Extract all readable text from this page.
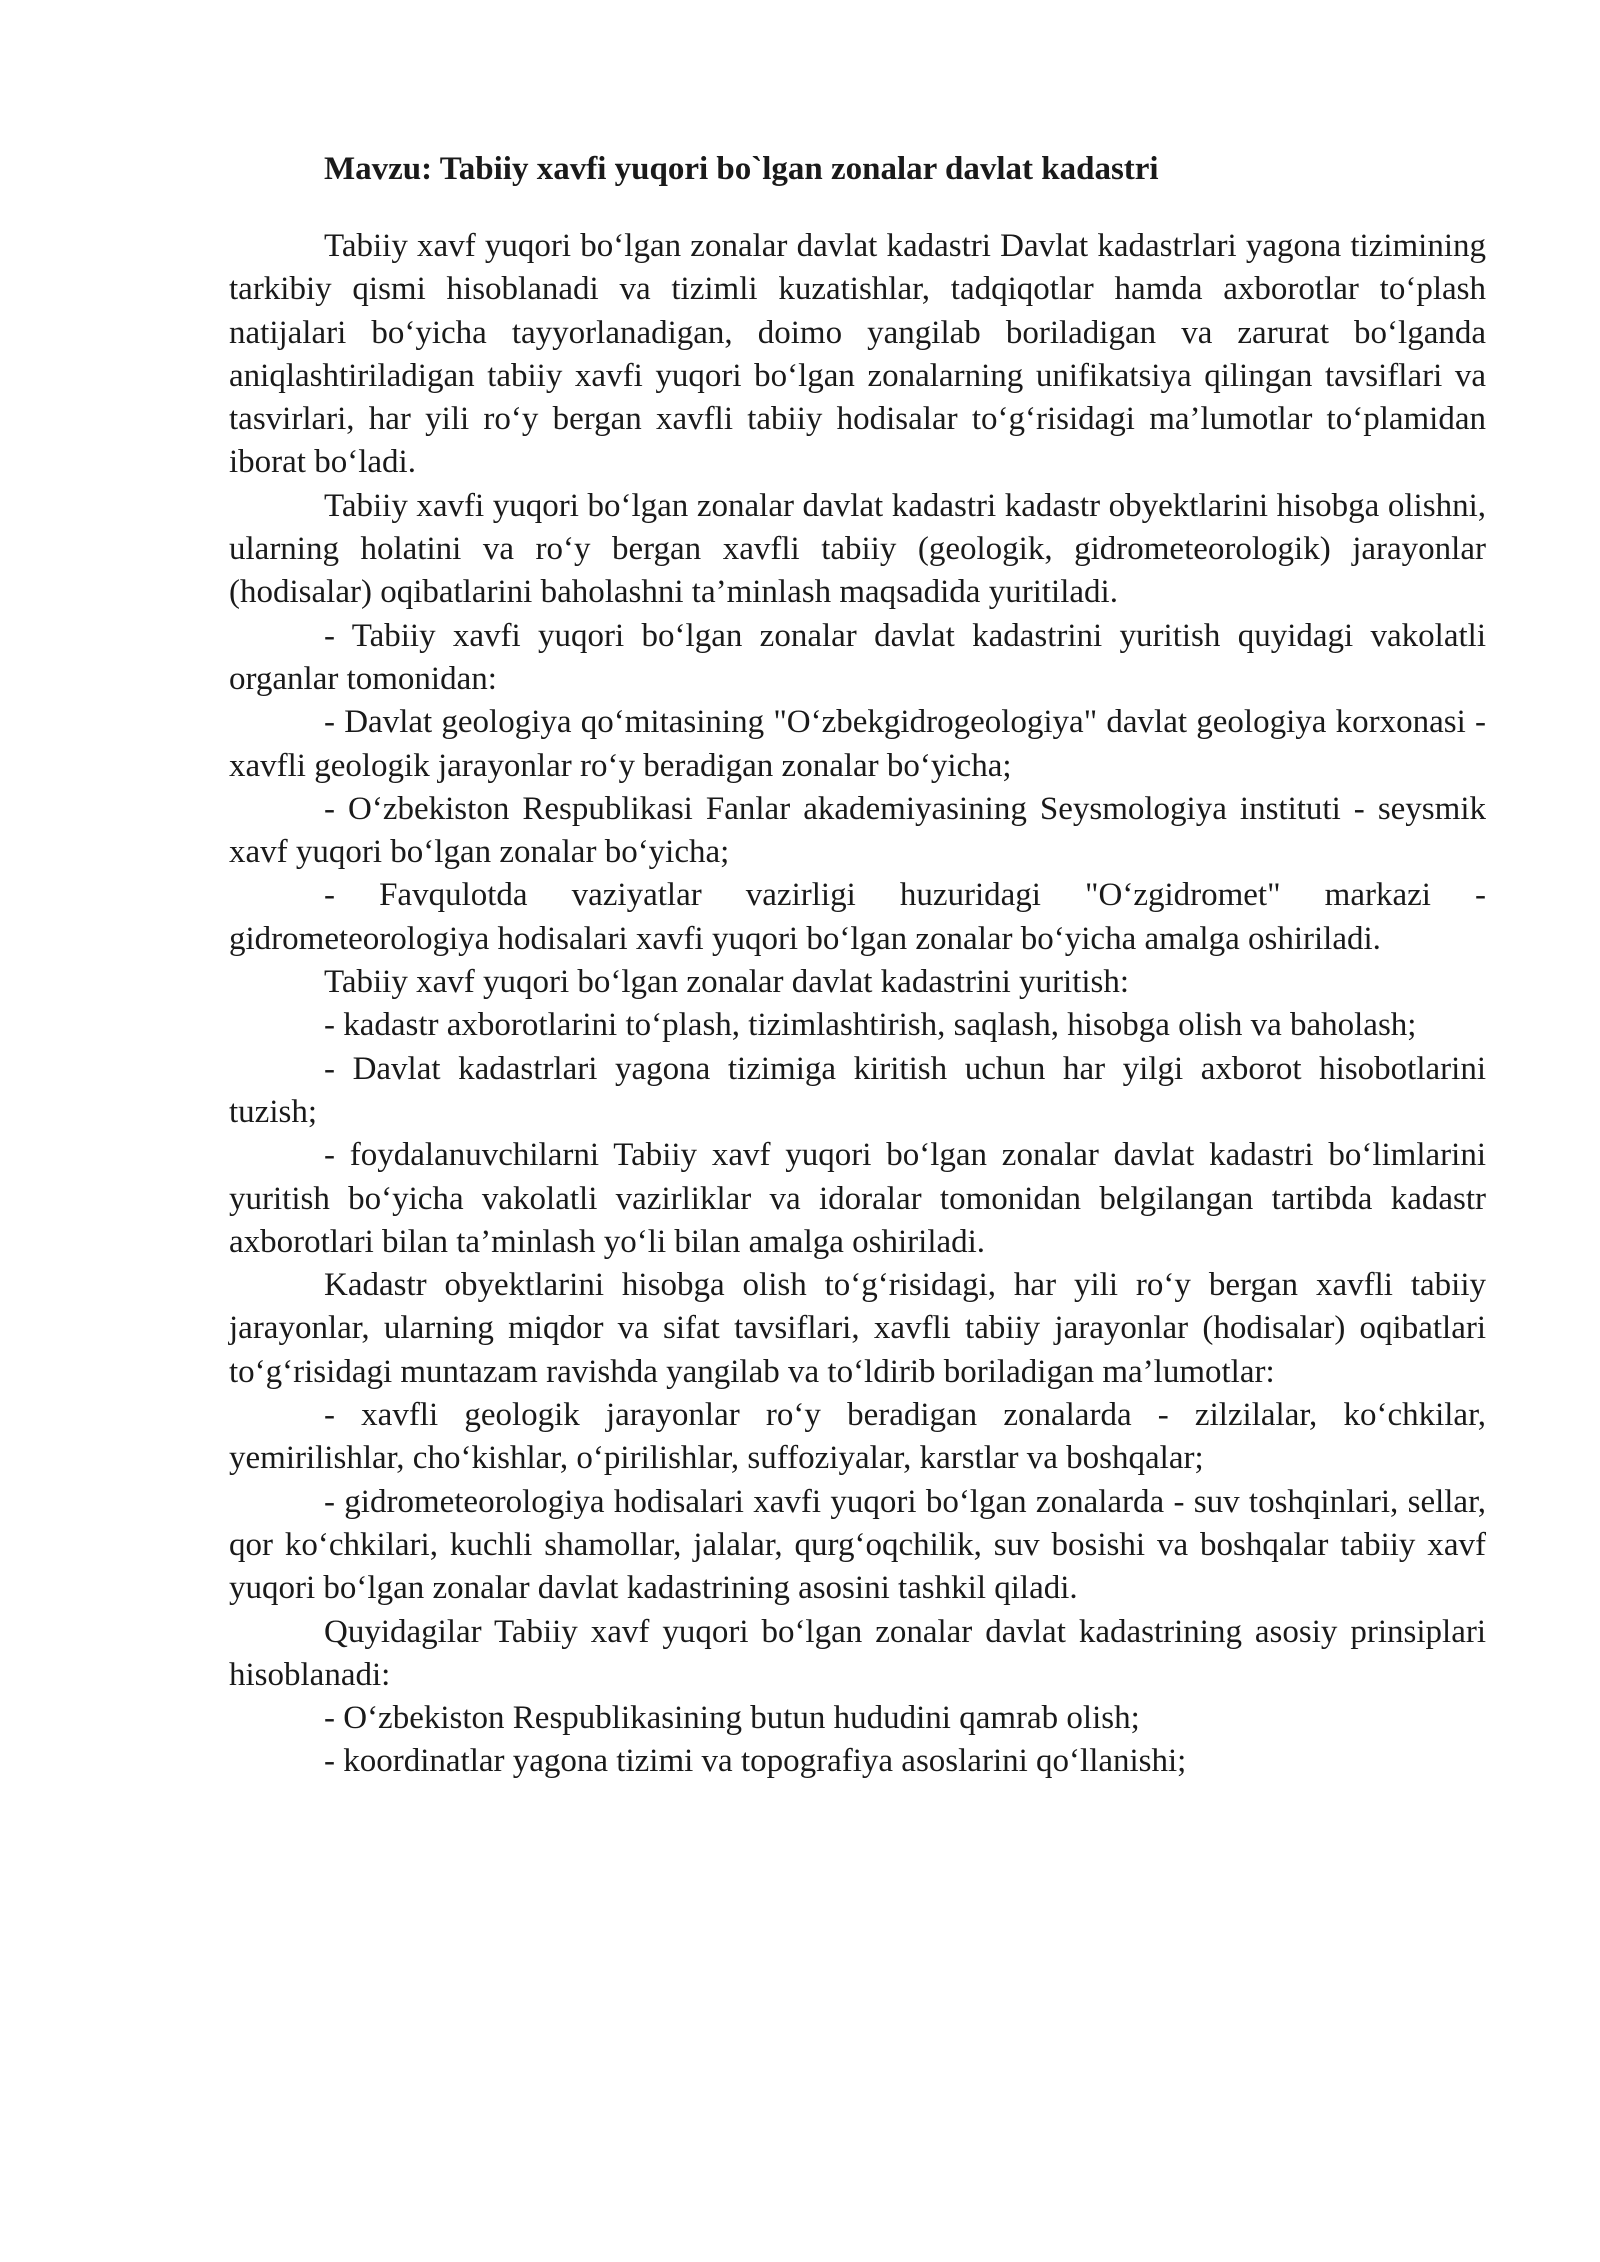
Mavzu: Tabiiy xavfi yuqori bo`lgan zonalar davlat kadastri

Tabiiy xavf yuqori bo‘lgan zonalar davlat kadastri Davlat kadastrlari yagona tizimining tarkibiy qismi hisoblanadi va tizimli kuzatishlar, tadqiqotlar hamda axborotlar to‘plash natijalari bo‘yicha tayyorlanadigan, doimo yangilab boriladigan va zarurat bo‘lganda aniqlashtiriladigan tabiiy xavfi yuqori bo‘lgan zonalarning unifikatsiya qilingan tavsiflari va tasvirlari, har yili ro‘y bergan xavfli tabiiy hodisalar to‘g‘risidagi ma’lumotlar to‘plamidan iborat bo‘ladi.

Tabiiy xavfi yuqori bo‘lgan zonalar davlat kadastri kadastr obyektlarini hisobga olishni, ularning holatini va ro‘y bergan xavfli tabiiy (geologik, gidrometeorologik) jarayonlar (hodisalar) oqibatlarini baholashni ta’minlash maqsadida yuritiladi.

- Tabiiy xavfi yuqori bo‘lgan zonalar davlat kadastrini yuritish quyidagi vakolatli organlar tomonidan:

- Davlat geologiya qo‘mitasining "O‘zbekgidrogeologiya" davlat geologiya korxonasi - xavfli geologik jarayonlar ro‘y beradigan zonalar bo‘yicha;

- O‘zbekiston Respublikasi Fanlar akademiyasining Seysmologiya instituti - seysmik xavf yuqori bo‘lgan zonalar bo‘yicha;

- Favqulotda vaziyatlar vazirligi huzuridagi "O‘zgidromet" markazi - gidrometeorologiya hodisalari xavfi yuqori bo‘lgan zonalar bo‘yicha amalga oshiriladi.

Tabiiy xavf yuqori bo‘lgan zonalar davlat kadastrini yuritish:

- kadastr axborotlarini to‘plash, tizimlashtirish, saqlash, hisobga olish va baholash;

- Davlat kadastrlari yagona tizimiga kiritish uchun har yilgi axborot hisobotlarini tuzish;

- foydalanuvchilarni Tabiiy xavf yuqori bo‘lgan zonalar davlat kadastri bo‘limlarini yuritish bo‘yicha vakolatli vazirliklar va idoralar tomonidan belgilangan tartibda kadastr axborotlari bilan ta’minlash yo‘li bilan amalga oshiriladi.

Kadastr obyektlarini hisobga olish to‘g‘risidagi, har yili ro‘y bergan xavfli tabiiy jarayonlar, ularning miqdor va sifat tavsiflari, xavfli tabiiy jarayonlar (hodisalar) oqibatlari to‘g‘risidagi muntazam ravishda yangilab va to‘ldirib boriladigan ma’lumotlar:

- xavfli geologik jarayonlar ro‘y beradigan zonalarda - zilzilalar, ko‘chkilar, yemirilishlar, cho‘kishlar, o‘pirilishlar, suffoziyalar, karstlar va boshqalar;

- gidrometeorologiya hodisalari xavfi yuqori bo‘lgan zonalarda - suv toshqinlari, sellar, qor ko‘chkilari, kuchli shamollar, jalalar, qurg‘oqchilik, suv bosishi va boshqalar tabiiy xavf yuqori bo‘lgan zonalar davlat kadastrining asosini tashkil qiladi.

Quyidagilar Tabiiy xavf yuqori bo‘lgan zonalar davlat kadastrining asosiy prinsiplari hisoblanadi:

- O‘zbekiston Respublikasining butun hududini qamrab olish;

- koordinatlar yagona tizimi va topografiya asoslarini qo‘llanishi;
